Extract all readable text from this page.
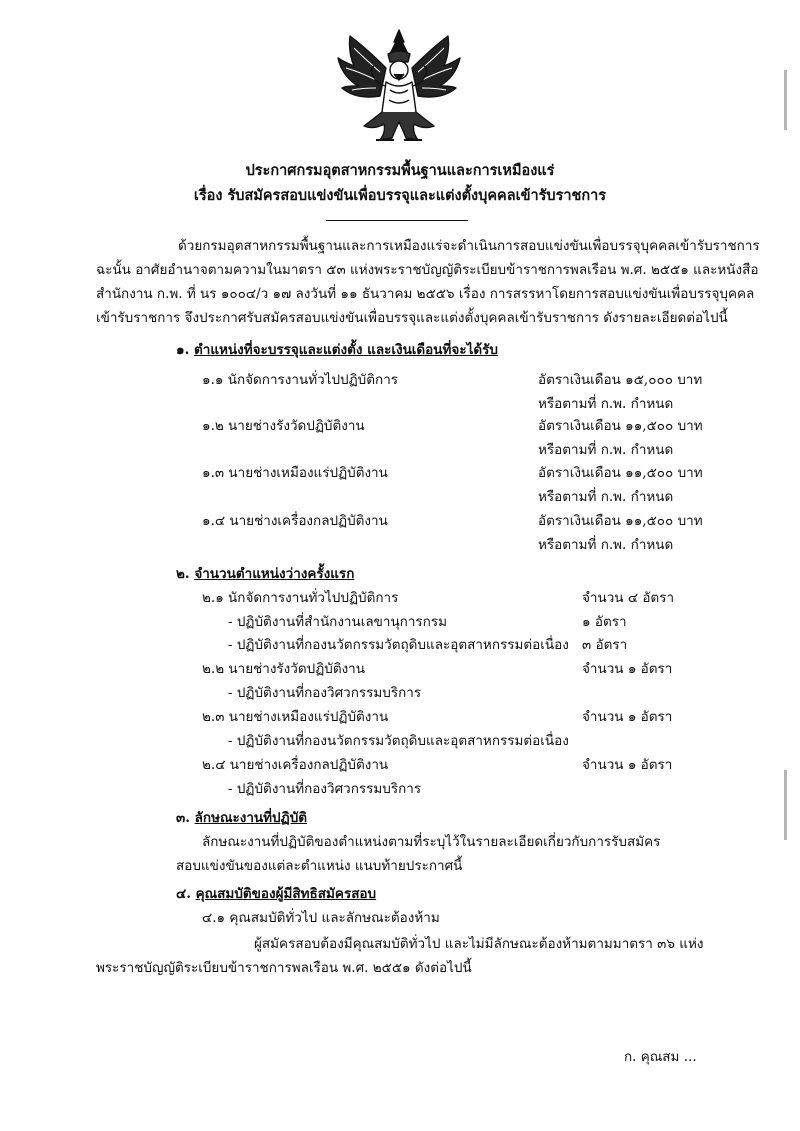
ประกาศกรมอุตสาหกรรมพื้นฐานและการเหมืองแร่
เรื่อง รับสมัครสอบแข่งขันเพื่อบรรจุและแต่งตั้งบุคคลเข้ารับราชการ
ด้วยกรมอุตสาหกรรมพื้นฐานและการเหมืองแร่จะดำเนินการสอบแข่งขันเพื่อบรรจุบุคคลเข้ารับราชการ
ฉะนั้น อาศัยอำนาจตามความในมาตรา ๕๓ แห่งพระราชบัญญัติระเบียบข้าราชการพลเรือน พ.ศ. ๒๕๕๑ และหนังสือ
สำนักงาน ก.พ. ที่ นร ๑๐๐๔/ว ๑๗ ลงวันที่ ๑๑ ธันวาคม ๒๕๕๖ เรื่อง การสรรหาโดยการสอบแข่งขันเพื่อบรรจุบุคคล
เข้ารับราชการ จึงประกาศรับสมัครสอบแข่งขันเพื่อบรรจุและแต่งตั้งบุคคลเข้ารับราชการ ดังรายละเอียดต่อไปนี้
๑. ตำแหน่งที่จะบรรจุและแต่งตั้ง และเงินเดือนที่จะได้รับ
๑.๑ นักจัดการงานทั่วไปปฏิบัติการ	อัตราเงินเดือน ๑๕,๐๐๐ บาท
หรือตามที่ ก.พ. กำหนด
๑.๒ นายช่างรังวัดปฏิบัติงาน	อัตราเงินเดือน ๑๑,๕๐๐ บาท
หรือตามที่ ก.พ. กำหนด
๑.๓ นายช่างเหมืองแร่ปฏิบัติงาน	อัตราเงินเดือน ๑๑,๕๐๐ บาท
หรือตามที่ ก.พ. กำหนด
๑.๔ นายช่างเครื่องกลปฏิบัติงาน	อัตราเงินเดือน ๑๑,๕๐๐ บาท
หรือตามที่ ก.พ. กำหนด
๒. จำนวนตำแหน่งว่างครั้งแรก
๒.๑ นักจัดการงานทั่วไปปฏิบัติการ	จำนวน ๔ อัตรา
- ปฏิบัติงานที่สำนักงานเลขานุการกรม	๑ อัตรา
- ปฏิบัติงานที่กองนวัตกรรมวัตถุดิบและอุตสาหกรรมต่อเนื่อง ๓ อัตรา
๒.๒ นายช่างรังวัดปฏิบัติงาน	จำนวน ๑ อัตรา
- ปฏิบัติงานที่กองวิศวกรรมบริการ
๒.๓ นายช่างเหมืองแร่ปฏิบัติงาน	จำนวน ๑ อัตรา
- ปฏิบัติงานที่กองนวัตกรรมวัตถุดิบและอุตสาหกรรมต่อเนื่อง
๒.๔ นายช่างเครื่องกลปฏิบัติงาน	จำนวน ๑ อัตรา
- ปฏิบัติงานที่กองวิศวกรรมบริการ
๓. ลักษณะงานที่ปฏิบัติ
ลักษณะงานที่ปฏิบัติของตำแหน่งตามที่ระบุไว้ในรายละเอียดเกี่ยวกับการรับสมัคร
สอบแข่งขันของแต่ละตำแหน่ง แนบท้ายประกาศนี้
๔. คุณสมบัติของผู้มีสิทธิสมัครสอบ
๔.๑ คุณสมบัติทั่วไป และลักษณะต้องห้าม
ผู้สมัครสอบต้องมีคุณสมบัติทั่วไป และไม่มีลักษณะต้องห้ามตามมาตรา ๓๖ แห่ง
พระราชบัญญัติระเบียบข้าราชการพลเรือน พ.ศ. ๒๕๕๑ ดังต่อไปนี้
ก. คุณสม ...
